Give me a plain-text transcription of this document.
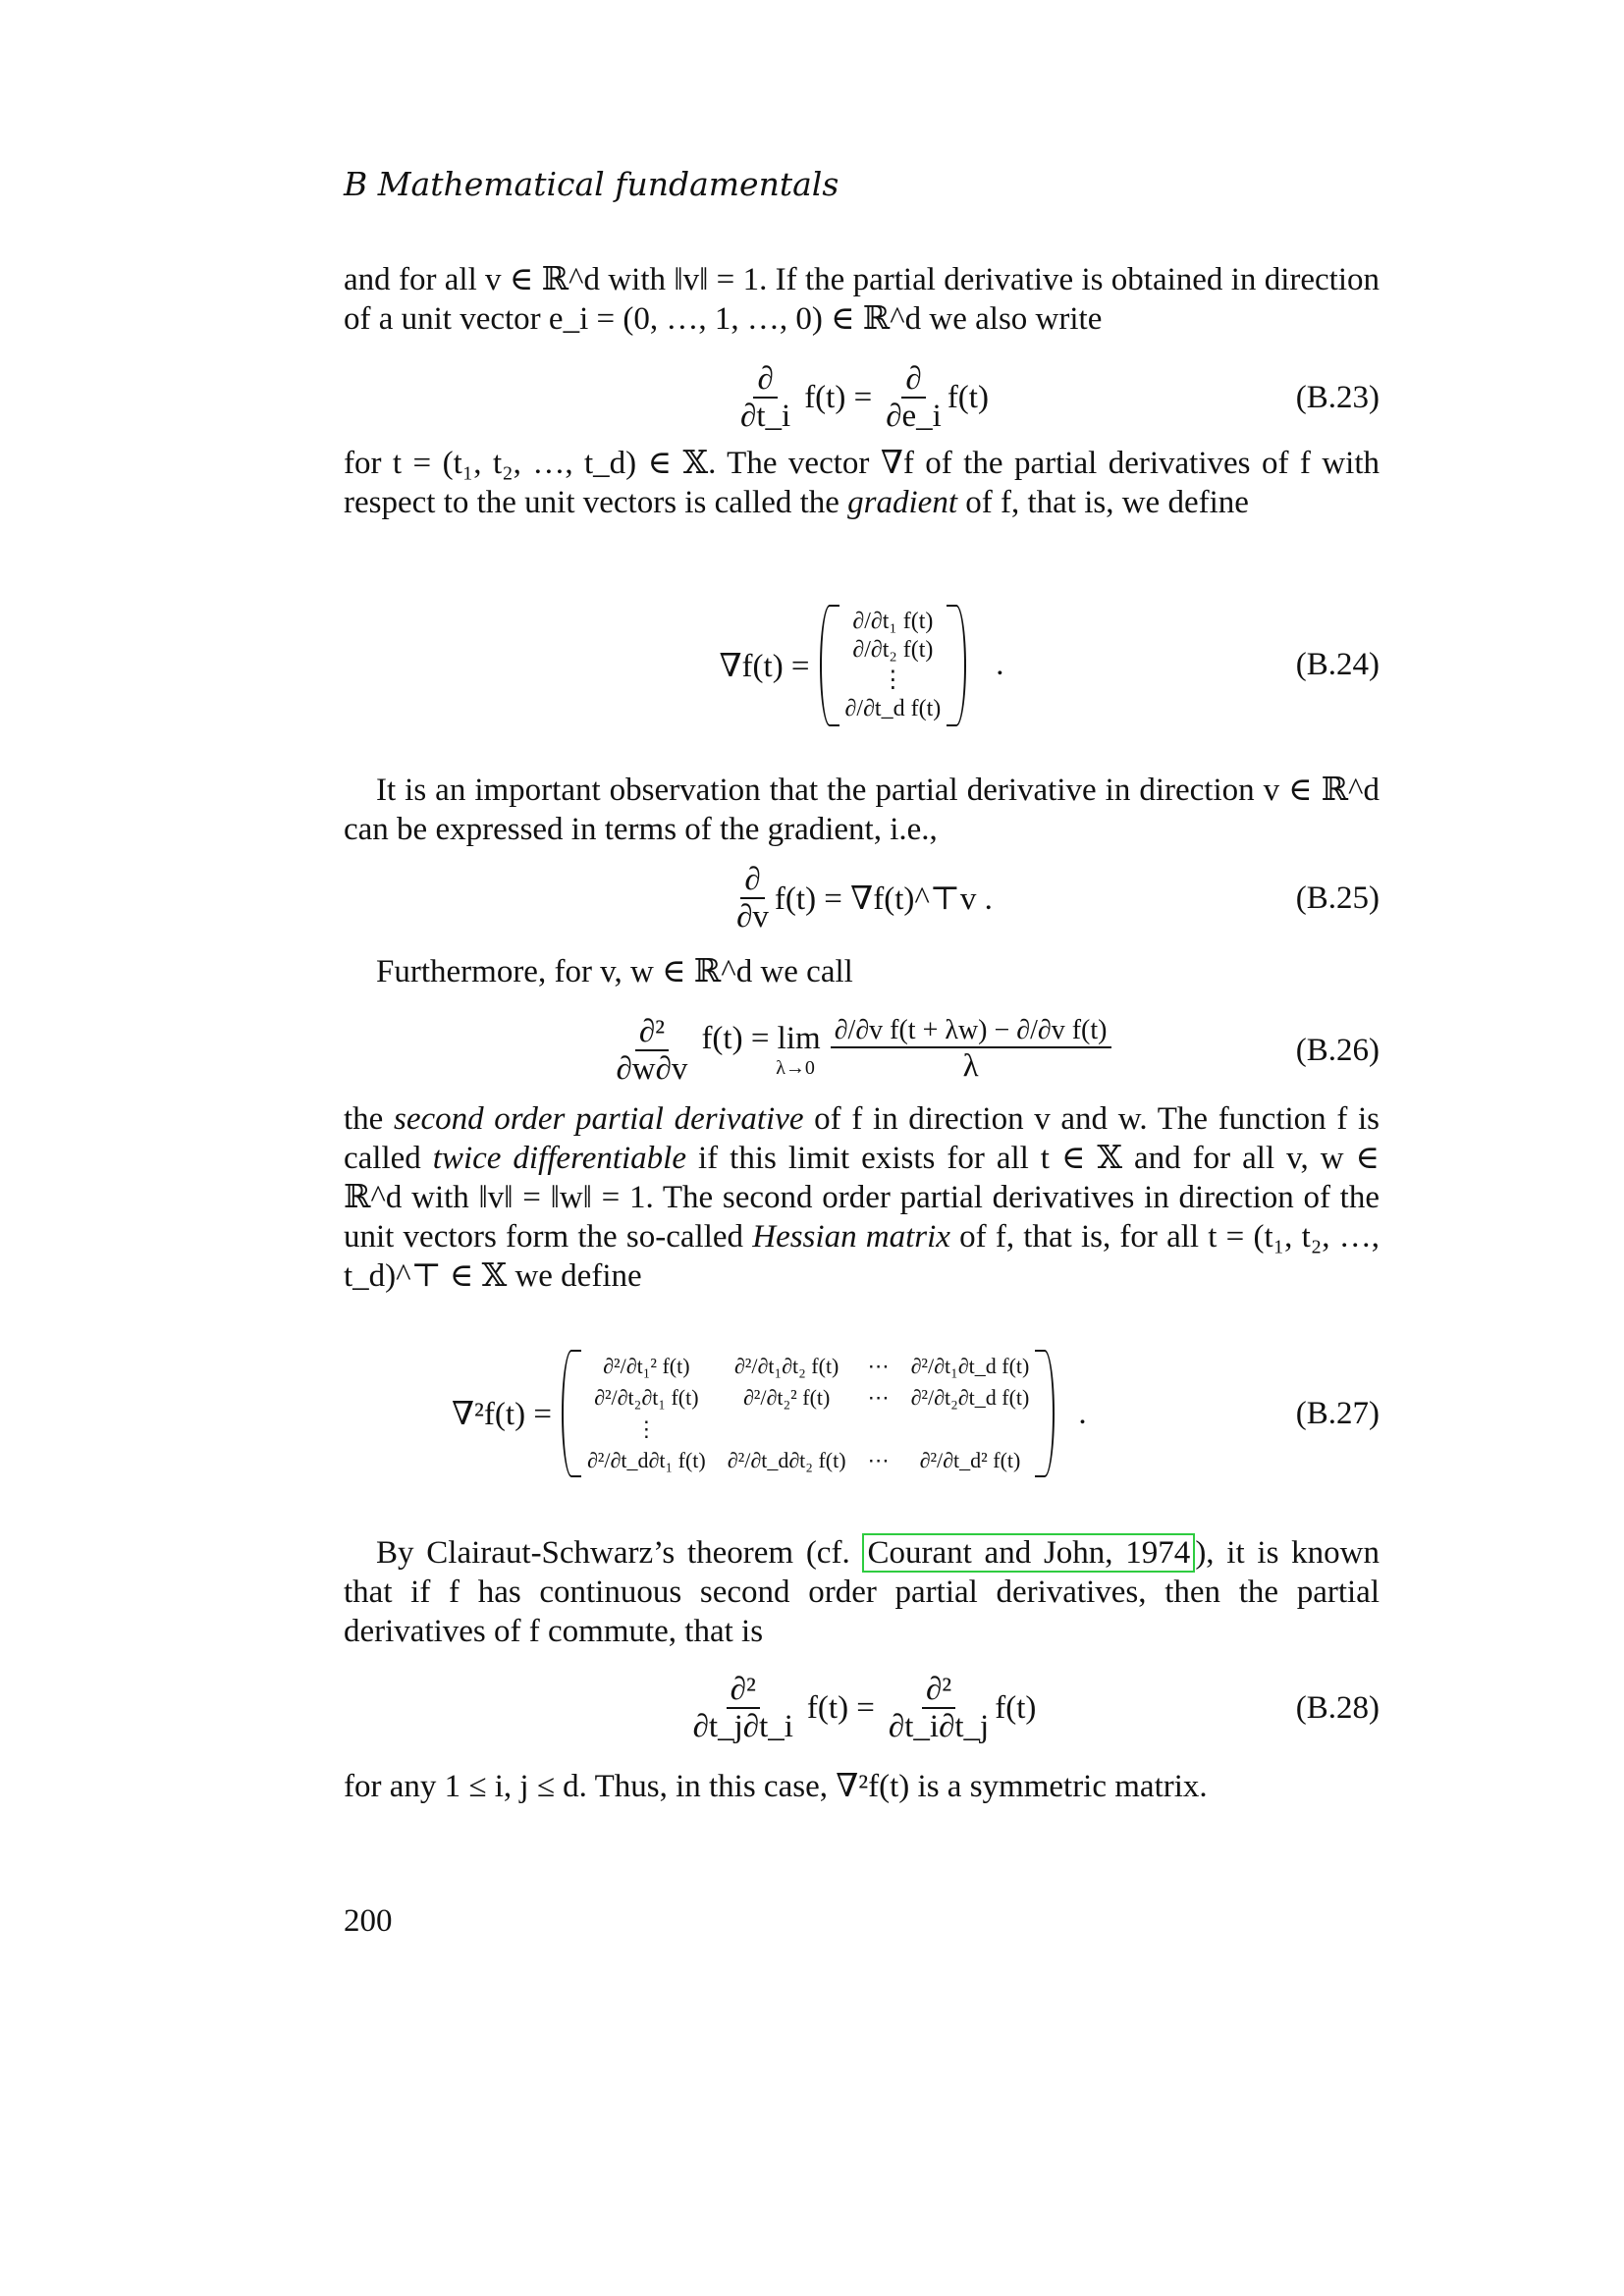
B Mathematical fundamentals
and for all v ∈ ℝ^d with ‖v‖ = 1. If the partial derivative is obtained in direction of a unit vector e_i = (0, …, 1, …, 0) ∈ ℝ^d we also write
$\frac{\partial}{\partial t\_i} f(t) = \frac{\partial}{\partial e\_i} f(t)$	(B.23)
for t = (t₁, t₂, …, t_d) ∈ 𝕏. The vector ∇f of the partial derivatives of f with respect to the unit vectors is called the gradient of f, that is, we define
∇f(t) =
∂/∂t₁ f(t)
∂/∂t₂ f(t)
⋮
∂/∂t_d f(t)
.	(B.24)
It is an important observation that the partial derivative in direction v ∈ ℝ^d can be expressed in terms of the gradient, i.e.,
$\frac{\partial}{\partial v} f(t)$ = ∇f(t)^⊤v .	(B.25)
Furthermore, for v, w ∈ ℝ^d we call
$\frac{\text{∂²}}{\partial w\partial v} f(t) = \lim$
$\lambda\to 0 \frac{\text{∂/∂v f(t + λw) − ∂/∂v f(t)}}{\lambda}$	(B.26)
the second order partial derivative of f in direction v and w. The function f is called twice differentiable if this limit exists for all t ∈ 𝕏 and for all v, w ∈ ℝ^d with ‖v‖ = ‖w‖ = 1. The second order partial derivatives in direction of the unit vectors form the so-called Hessian matrix of f, that is, for all t = (t₁, t₂, …, t_d)^⊤ ∈ 𝕏 we define
∇²f(t) =
∂²/∂t₁² f(t) ∂²/∂t₁∂t₂ f(t) ⋯ ∂²/∂t₁∂t_d f(t)
∂²/∂t₂∂t₁ f(t) ∂²/∂t₂² f(t) ⋯ ∂²/∂t₂∂t_d f(t)
⋮
∂²/∂t_d∂t₁ f(t) ∂²/∂t_d∂t₂ f(t) ⋯ ∂²/∂t_d² f(t)
.	(B.27)
By Clairaut-Schwarz’s theorem (cf. Courant and John, 1974 ), it is known that if f has continuous second order partial derivatives, then the partial derivatives of f commute, that is
$\frac{\text{∂²}}{\partial t\_j\partial t\_i} f(t) = \frac{\text{∂²}}{\partial t\_i\partial t\_j} f(t)$	(B.28)
for any 1 ≤ i, j ≤ d. Thus, in this case, ∇²f(t) is a symmetric matrix.
200
